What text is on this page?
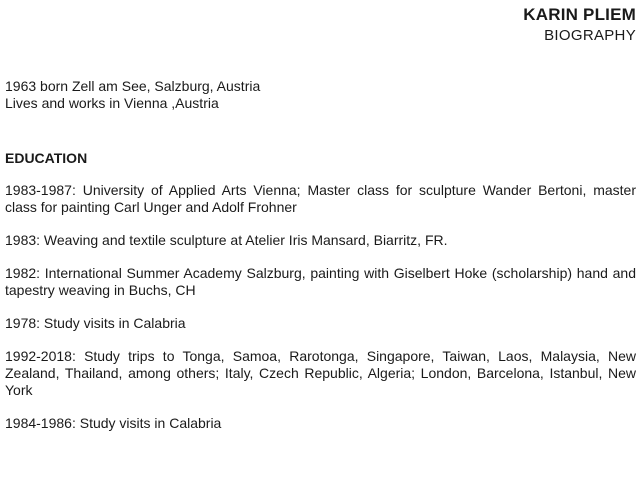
KARIN PLIEM
BIOGRAPHY

1963 born Zell am See, Salzburg, Austria

Lives and works in Vienna ,Austria

EDUCATION

1983-1987: University of Applied Arts Vienna; Master class for sculpture Wander Bertoni, master class for painting Carl Unger and Adolf Frohner

1983: Weaving and textile sculpture at Atelier Iris Mansard, Biarritz, FR.

1982: International Summer Academy Salzburg, painting with Giselbert Hoke (scholarship) hand and tapestry weaving in Buchs, CH

1978: Study visits in Calabria

1992-2018: Study trips to Tonga, Samoa, Rarotonga, Singapore, Taiwan, Laos, Malaysia, New Zealand, Thailand, among others; Italy, Czech Republic, Algeria; London, Barcelona, Istanbul, New York

1984-1986: Study visits in Calabria
